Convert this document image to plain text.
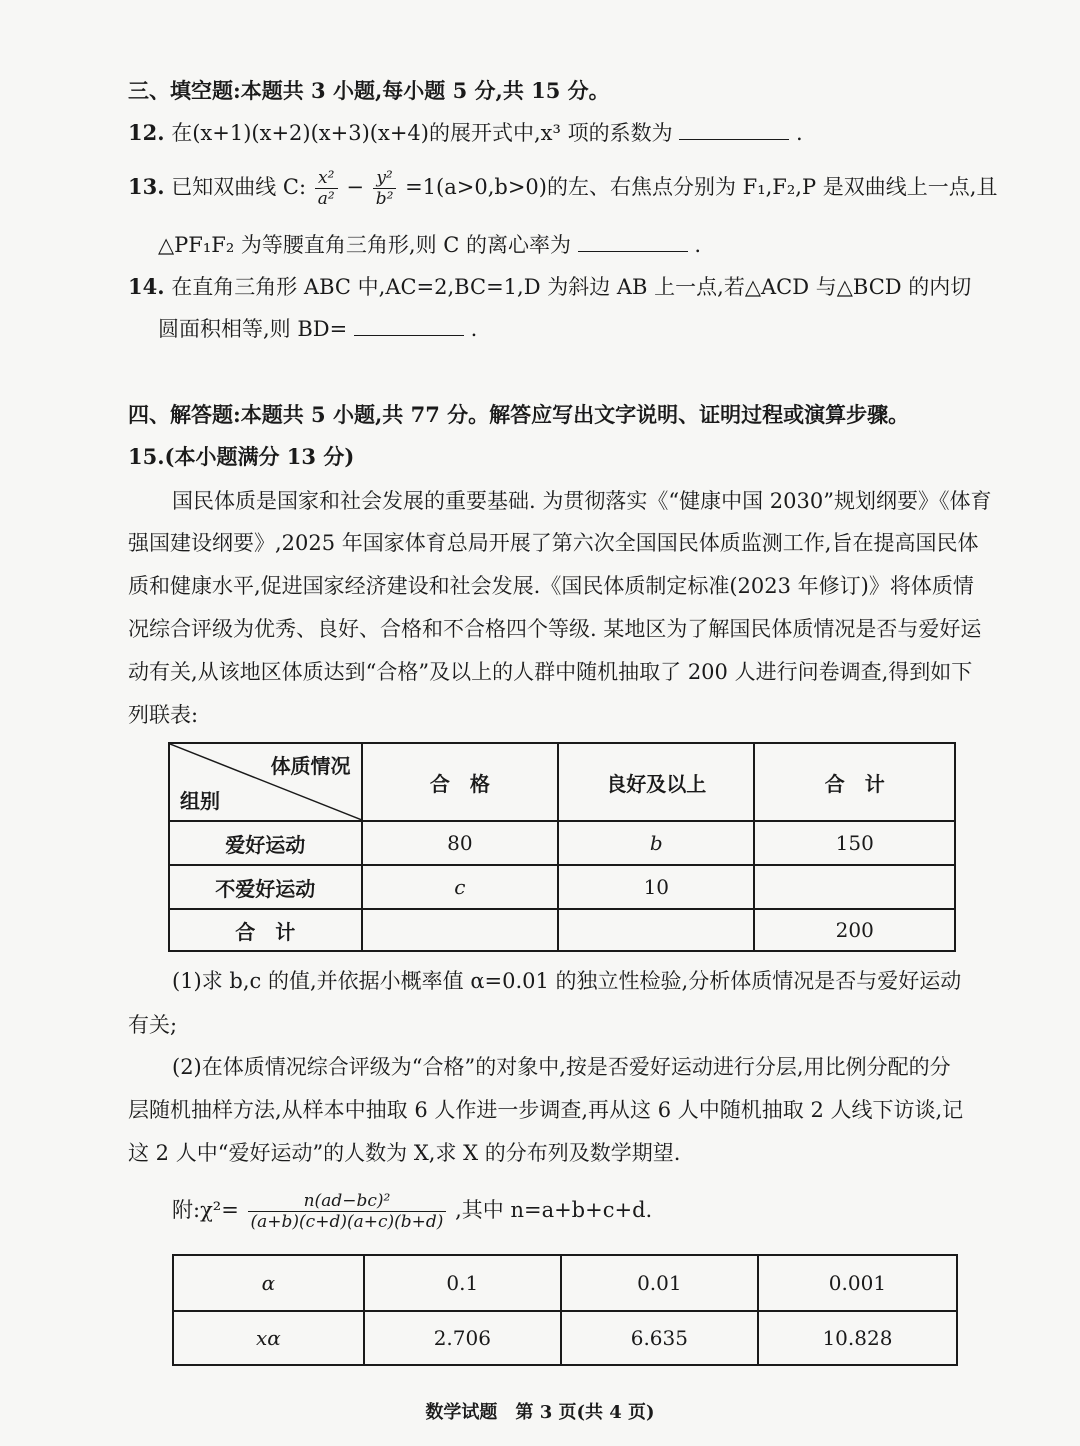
三、填空题:本题共 3 小题,每小题 5 分,共 15 分。
12. 在(x+1)(x+2)(x+3)(x+4)的展开式中,x³ 项的系数为	.
13. 已知双曲线 C: $\frac{\text{x²}}{\text{a²}} - \frac{\text{y²}}{\text{b²}} =1(a>0,b>0)$的左、右焦点分别为 F₁,F₂,P 是双曲线上一点,且
△PF₁F₂ 为等腰直角三角形,则 C 的离心率为	.
14. 在直角三角形 ABC 中,AC=2,BC=1,D 为斜边 AB 上一点,若△ACD 与△BCD 的内切
圆面积相等,则 BD=	.
四、解答题:本题共 5 小题,共 77 分。解答应写出文字说明、证明过程或演算步骤。
15.(本小题满分 13 分)
国民体质是国家和社会发展的重要基础. 为贯彻落实《“健康中国 2030”规划纲要》《体育
强国建设纲要》,2025 年国家体育总局开展了第六次全国国民体质监测工作,旨在提高国民体
质和健康水平,促进国家经济建设和社会发展.《国民体质制定标准(2023 年修订)》将体质情
况综合评级为优秀、良好、合格和不合格四个等级. 某地区为了解国民体质情况是否与爱好运
动有关,从该地区体质达到“合格”及以上的人群中随机抽取了 200 人进行问卷调查,得到如下
列联表:
体质情况
组别	合　格	良好及以上	合　计
爱好运动	80	b	150
不爱好运动	c	10	
合　计			200
(1)求 b,c 的值,并依据小概率值 α=0.01 的独立性检验,分析体质情况是否与爱好运动
有关;
(2)在体质情况综合评级为“合格”的对象中,按是否爱好运动进行分层,用比例分配的分
层随机抽样方法,从样本中抽取 6 人作进一步调查,再从这 6 人中随机抽取 2 人线下访谈,记
这 2 人中“爱好运动”的人数为 X,求 X 的分布列及数学期望.
附:χ²= $\frac{\text{n(ad−bc)²}}{(a+b)(c+d)(a+c)(b+d)}$ ,其中 n=a+b+c+d.
α	0.1	0.01	0.001
xα	2.706	6.635	10.828
数学试题　第 3 页(共 4 页)
